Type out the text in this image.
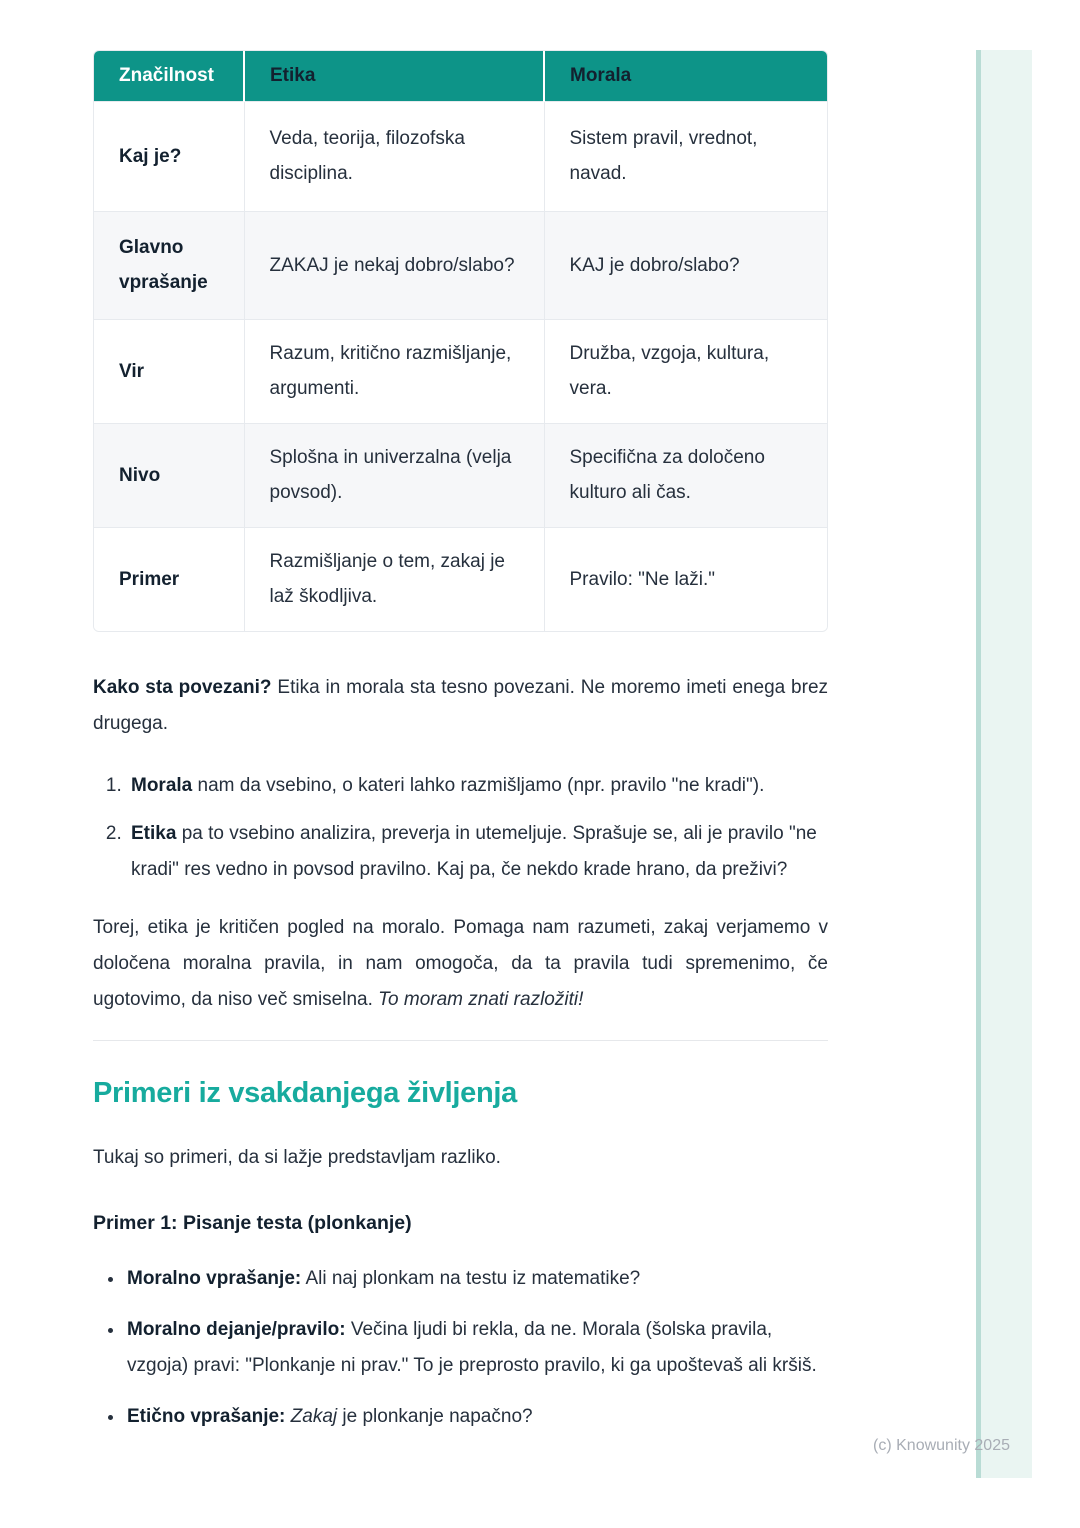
Značilnost	Etika	Morala
Kaj je?	Veda, teorija, filozofska disciplina.	Sistem pravil, vrednot, navad.
Glavno vprašanje	ZAKAJ je nekaj dobro/slabo?	KAJ je dobro/slabo?
Vir	Razum, kritično razmišljanje, argumenti.	Družba, vzgoja, kultura, vera.
Nivo	Splošna in univerzalna (velja povsod).	Specifična za določeno kulturo ali čas.
Primer	Razmišljanje o tem, zakaj je laž škodljiva.	Pravilo: "Ne laži."

Kako sta povezani? Etika in morala sta tesno povezani. Ne moremo imeti enega brez drugega.

1. Morala nam da vsebino, o kateri lahko razmišljamo (npr. pravilo "ne kradi").
2. Etika pa to vsebino analizira, preverja in utemeljuje. Sprašuje se, ali je pravilo "ne kradi" res vedno in povsod pravilno. Kaj pa, če nekdo krade hrano, da preživi?

Torej, etika je kritičen pogled na moralo. Pomaga nam razumeti, zakaj verjamemo v določena moralna pravila, in nam omogoča, da ta pravila tudi spremenimo, če ugotovimo, da niso več smiselna. To moram znati razložiti!

Primeri iz vsakdanjega življenja

Tukaj so primeri, da si lažje predstavljam razliko.

Primer 1: Pisanje testa (plonkanje)
• Moralno vprašanje: Ali naj plonkam na testu iz matematike?
• Moralno dejanje/pravilo: Večina ljudi bi rekla, da ne. Morala (šolska pravila, vzgoja) pravi: "Plonkanje ni prav." To je preprosto pravilo, ki ga upoštevaš ali kršiš.
• Etično vprašanje: Zakaj je plonkanje napačno?
(c) Knowunity 2025
